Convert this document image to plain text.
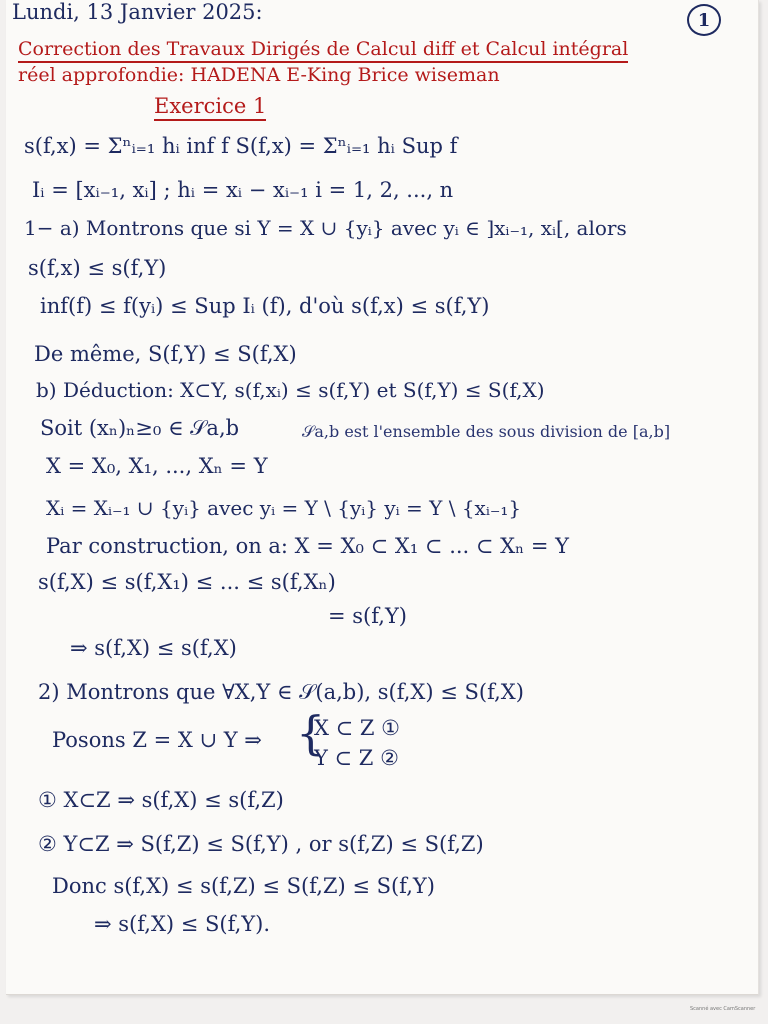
Lundi, 13 Janvier 2025:	1
Correction des Travaux Dirigés de Calcul diff et Calcul intégral
réel approfondie: HADENA E-King Brice wiseman
Exercice 1
s(f,x) = Σⁿᵢ₌₁ hᵢ inf f S(f,x) = Σⁿᵢ₌₁ hᵢ Sup f
Iᵢ = [xᵢ₋₁, xᵢ] ; hᵢ = xᵢ − xᵢ₋₁ i = 1, 2, ..., n
1− a) Montrons que si Y = X ∪ {yᵢ} avec yᵢ ∈ ]xᵢ₋₁, xᵢ[, alors
s(f,x) ≤ s(f,Y)
inf(f) ≤ f(yᵢ) ≤ Sup Iᵢ (f), d'où s(f,x) ≤ s(f,Y)
De même, S(f,Y) ≤ S(f,X)
b) Déduction: X⊂Y, s(f,xᵢ) ≤ s(f,Y) et S(f,Y) ≤ S(f,X)
Soit (xₙ)ₙ≥₀ ∈ 𝒮a,b	𝒮a,b est l'ensemble des sous division de [a,b]
X = X₀, X₁, ..., Xₙ = Y
Xᵢ = Xᵢ₋₁ ∪ {yᵢ} avec yᵢ = Y \ {yᵢ} yᵢ = Y \ {xᵢ₋₁}
Par construction, on a: X = X₀ ⊂ X₁ ⊂ ... ⊂ Xₙ = Y
s(f,X) ≤ s(f,X₁) ≤ ... ≤ s(f,Xₙ)
= s(f,Y)
⇒ s(f,X) ≤ s(f,X)
2) Montrons que ∀X,Y ∈ 𝒮(a,b), s(f,X) ≤ S(f,X)
Posons Z = X ∪ Y ⇒ {
X ⊂ Z ①
Y ⊂ Z ②
① X⊂Z ⇒ s(f,X) ≤ s(f,Z)
② Y⊂Z ⇒ S(f,Z) ≤ S(f,Y) , or s(f,Z) ≤ S(f,Z)
Donc s(f,X) ≤ s(f,Z) ≤ S(f,Z) ≤ S(f,Y)
⇒ s(f,X) ≤ S(f,Y).
Scanné avec CamScanner
